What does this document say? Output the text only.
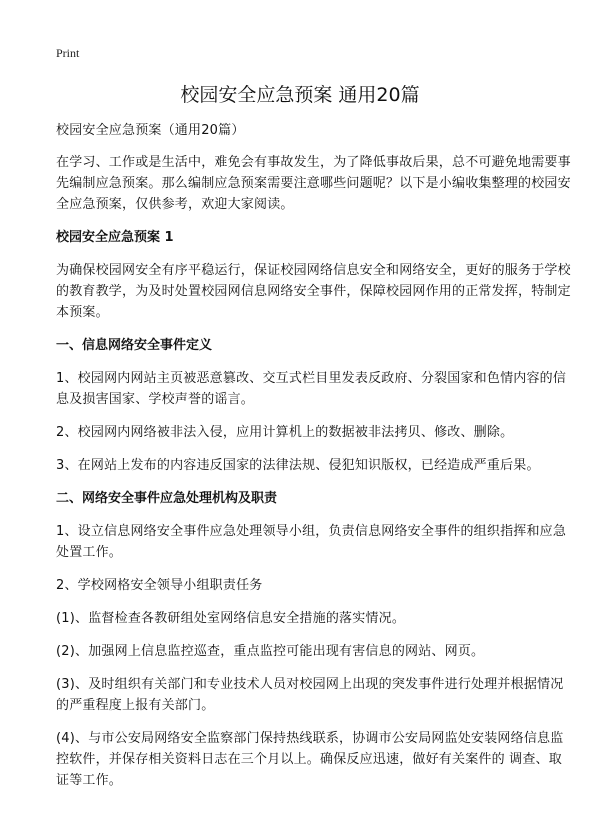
Print
校园安全应急预案 通用20篇

校园安全应急预案（通用20篇）

在学习、工作或是生活中，难免会有事故发生，为了降低事故后果，总不可避免地需要事先编制应急预案。那么编制应急预案需要注意哪些问题呢？以下是小编收集整理的校园安全应急预案，仅供参考，欢迎大家阅读。

校园安全应急预案 1

为确保校园网安全有序平稳运行，保证校园网络信息安全和网络安全，更好的服务于学校的教育教学，为及时处置校园网信息网络安全事件，保障校园网作用的正常发挥，特制定本预案。

一、信息网络安全事件定义

1、校园网内网站主页被恶意篡改、交互式栏目里发表反政府、分裂国家和色情内容的信息及损害国家、学校声誉的谣言。

2、校园网内网络被非法入侵，应用计算机上的数据被非法拷贝、修改、删除。

3、在网站上发布的内容违反国家的法律法规、侵犯知识版权，已经造成严重后果。

二、网络安全事件应急处理机构及职责

1、设立信息网络安全事件应急处理领导小组，负责信息网络安全事件的组织指挥和应急处置工作。

2、学校网格安全领导小组职责任务

(1)、监督检查各教研组处室网络信息安全措施的落实情况。

(2)、加强网上信息监控巡查，重点监控可能出现有害信息的网站、网页。

(3)、及时组织有关部门和专业技术人员对校园网上出现的突发事件进行处理并根据情况的严重程度上报有关部门。

(4)、与市公安局网络安全监察部门保持热线联系，协调市公安局网监处安装网络信息监控软件，并保存相关资料日志在三个月以上。确保反应迅速，做好有关案件的 调查、取证等工作。
